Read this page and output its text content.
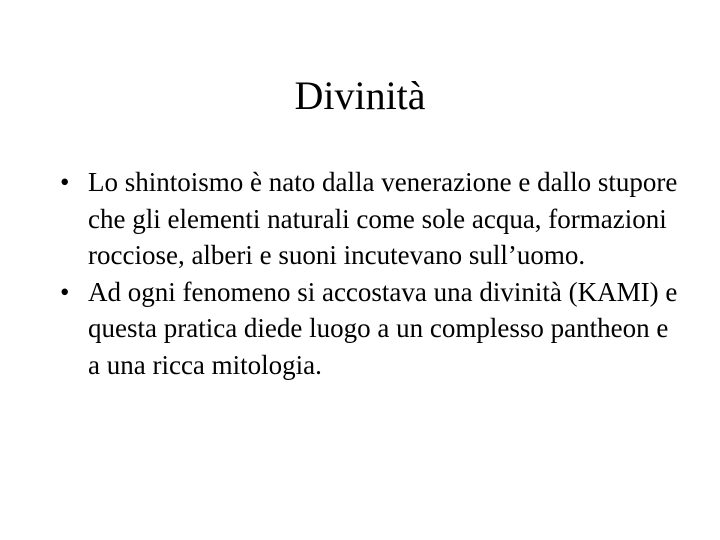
Divinità
• Lo shintoismo è nato dalla venerazione e dallo stupore che gli elementi naturali come sole acqua, formazioni rocciose, alberi e suoni incutevano sull’uomo.
• Ad ogni fenomeno si accostava una divinità (KAMI) e questa pratica diede luogo a un complesso pantheon e a una ricca mitologia.
